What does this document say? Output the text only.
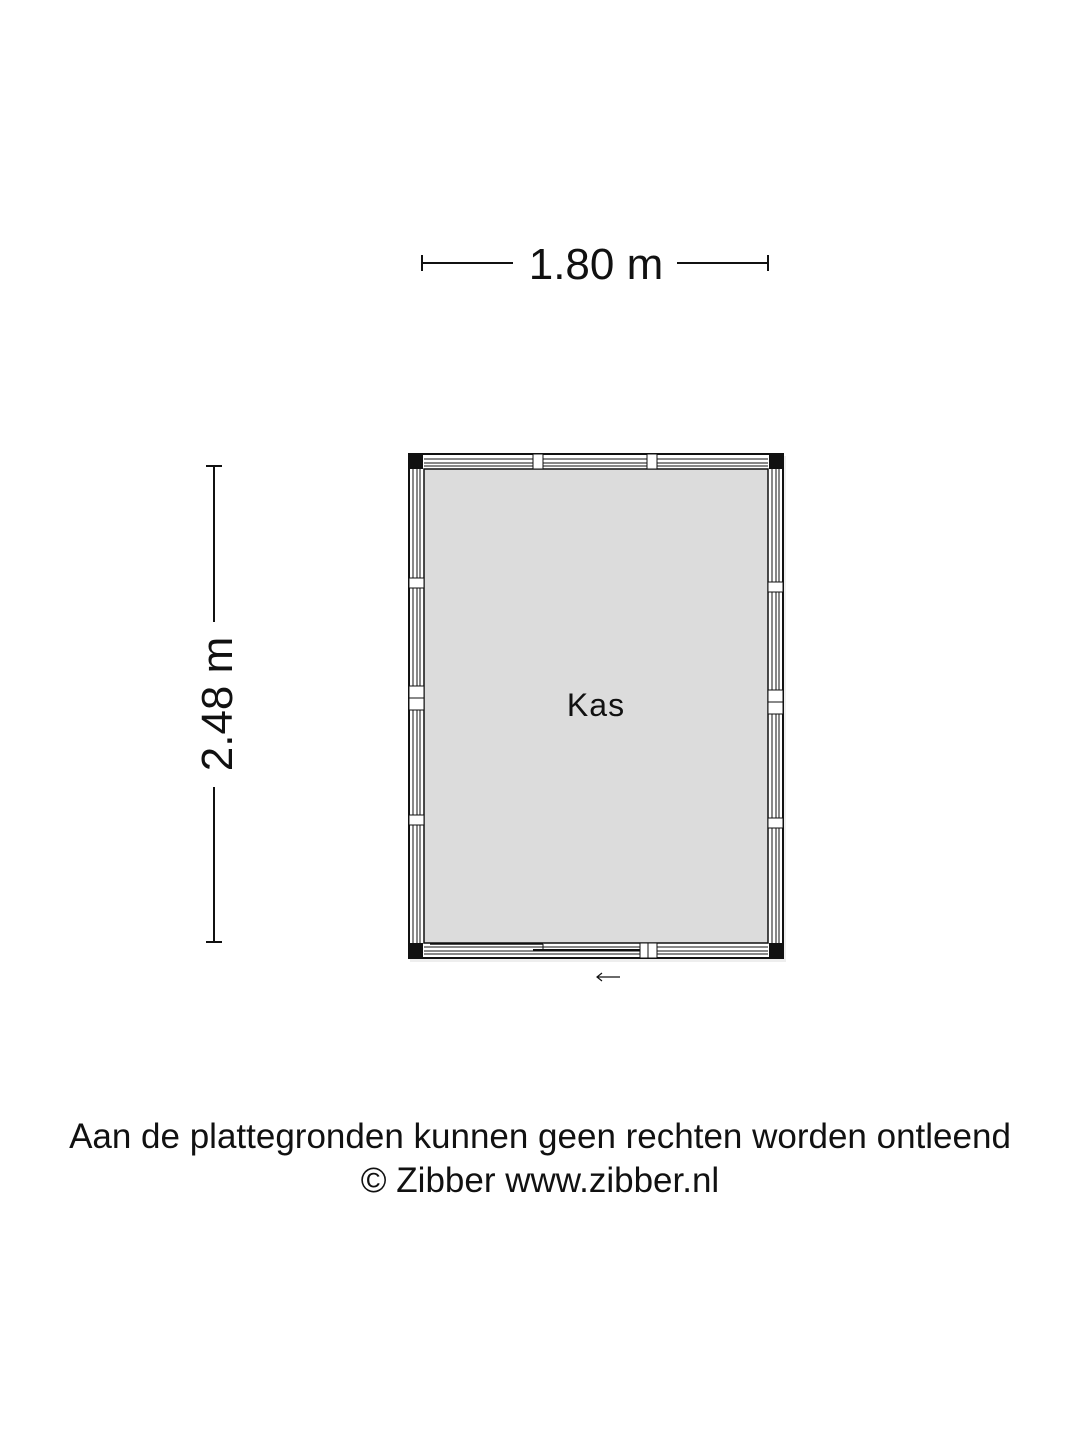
1.80 m
2.48 m	Kas
Aan de plattegronden kunnen geen rechten worden ontleend
© Zibber www.zibber.nl
